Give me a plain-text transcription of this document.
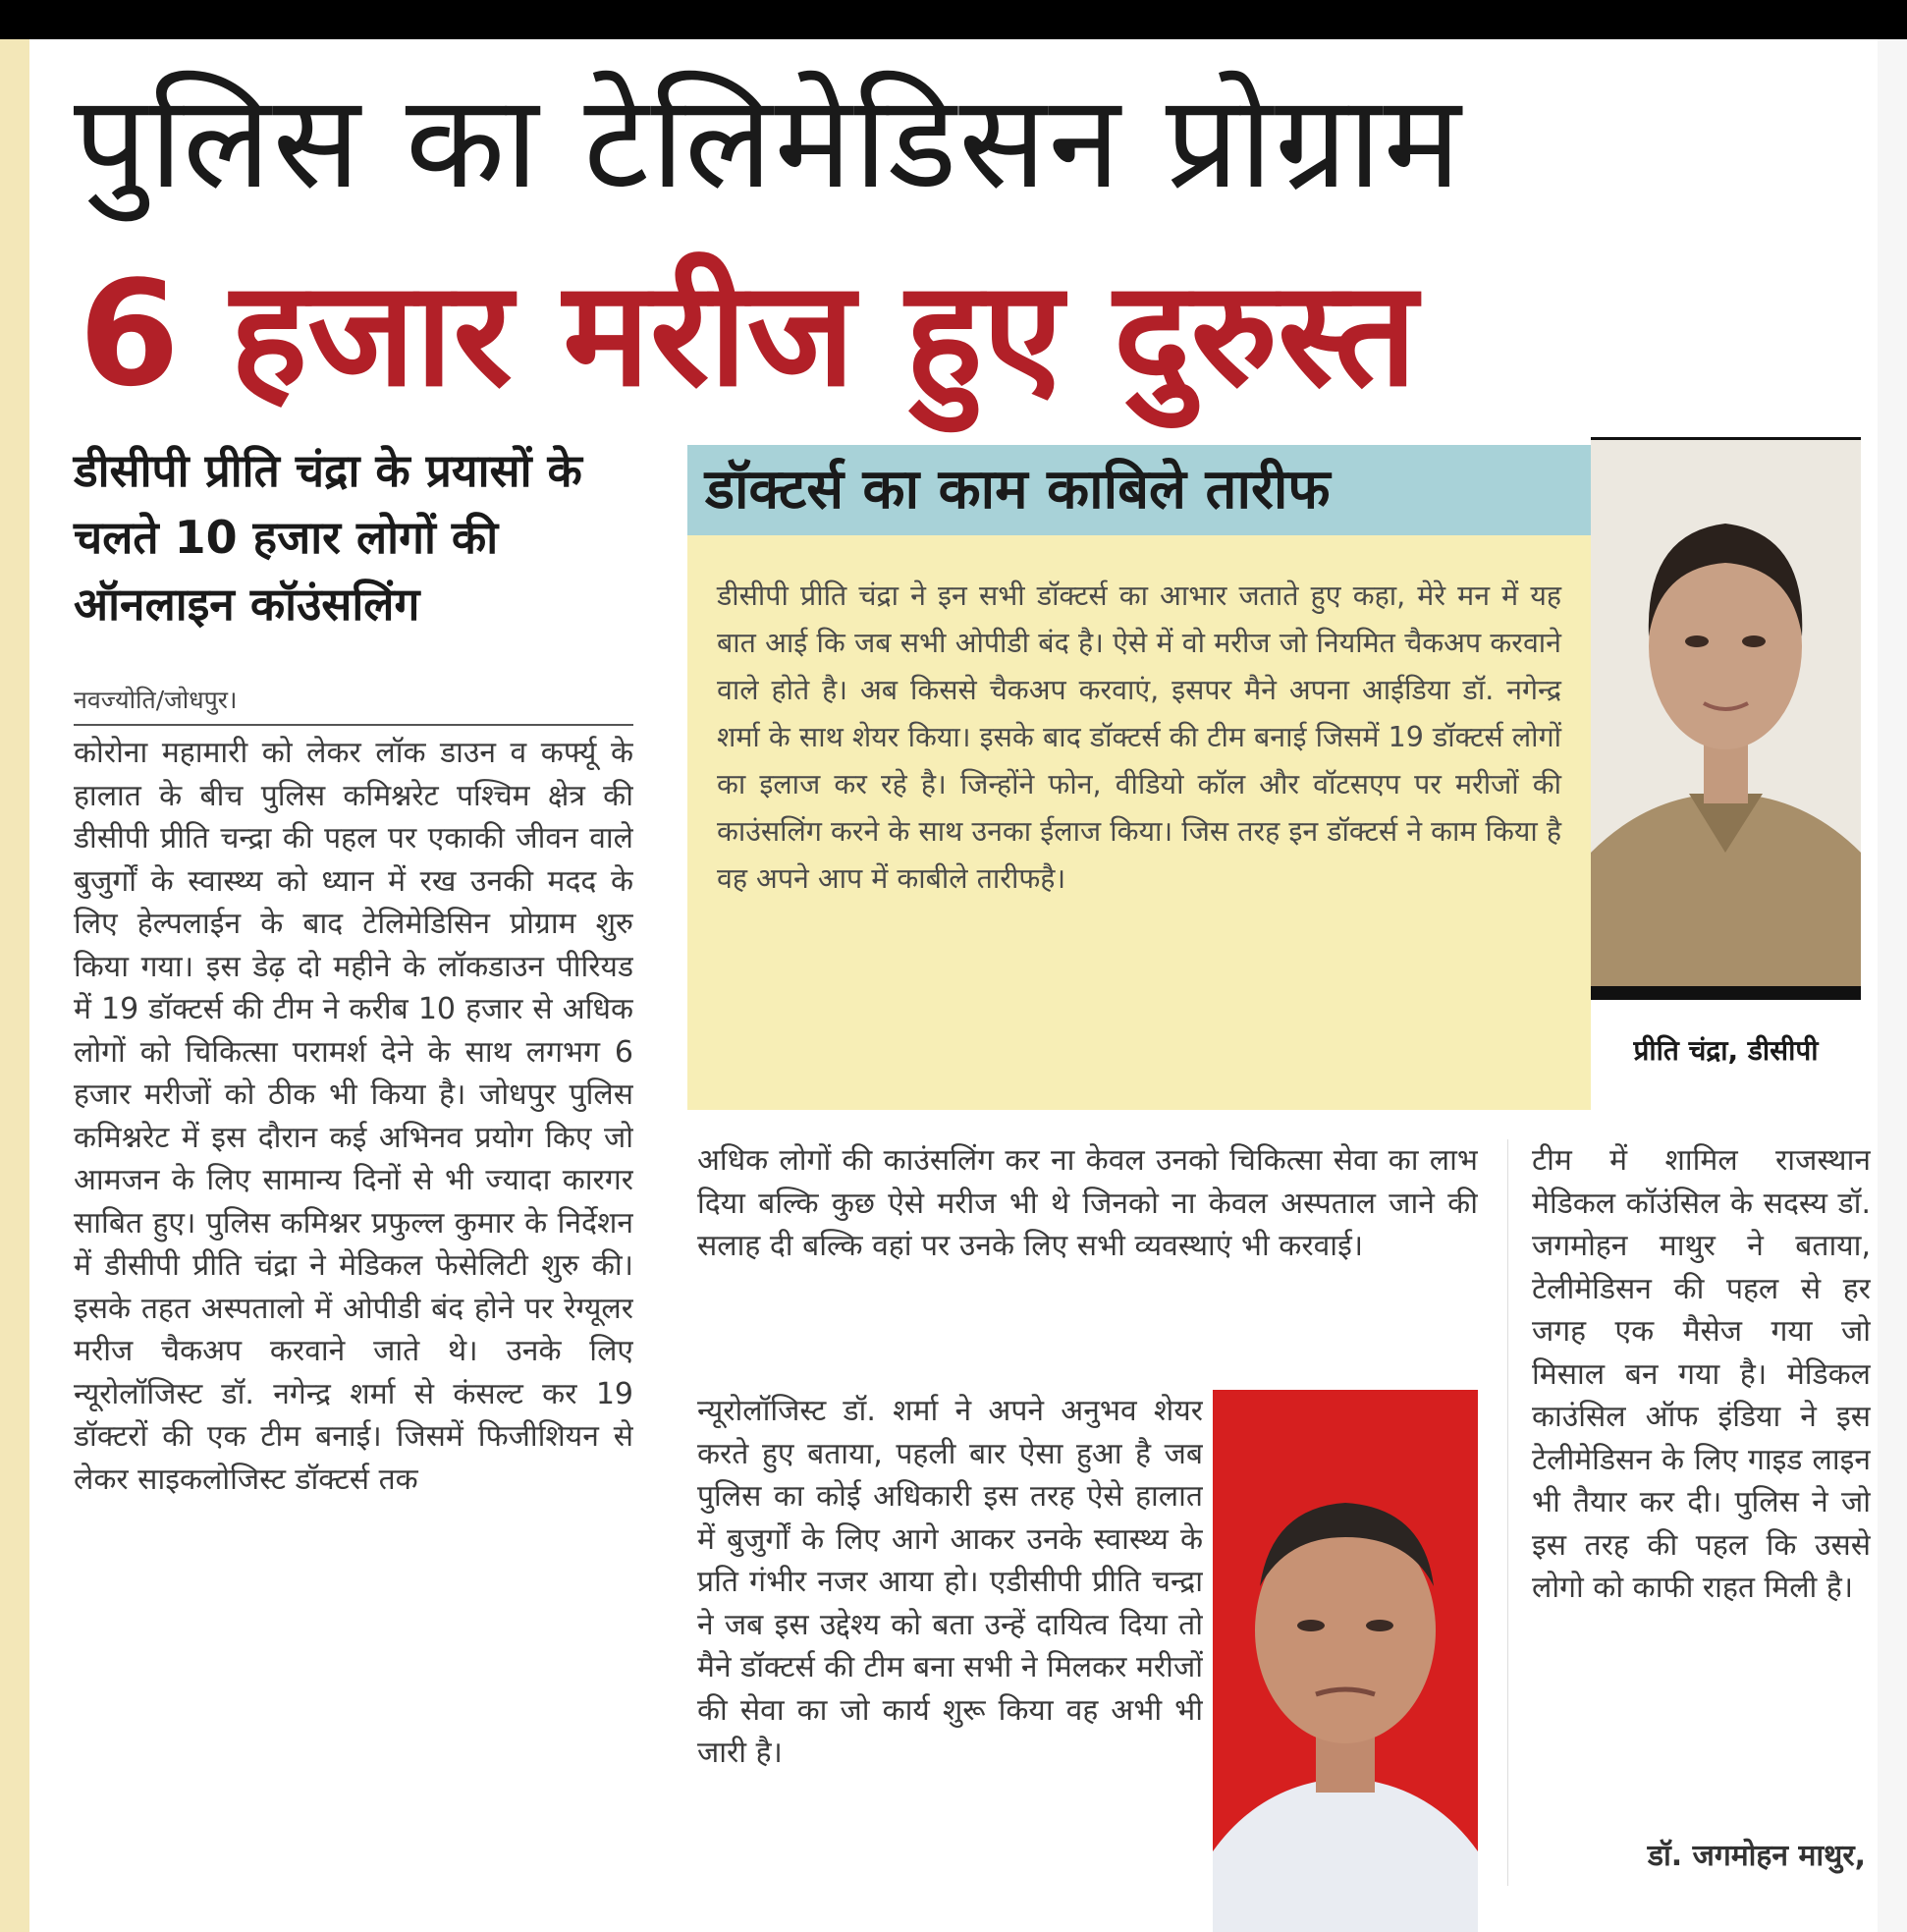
पुलिस का टेलिमेडिसन प्रोग्राम
6 हजार मरीज हुए दुरुस्त
डीसीपी प्रीति चंद्रा के प्रयासों के चलते 10 हजार लोगों की ऑनलाइन कॉउंसलिंग
नवज्योति/जोधपुर।
कोरोना महामारी को लेकर लॉक डाउन व कर्फ्यू के हालात के बीच पुलिस कमिश्नरेट पश्चिम क्षेत्र की डीसीपी प्रीति चन्द्रा की पहल पर एकाकी जीवन वाले बुजुर्गों के स्वास्थ्य को ध्यान में रख उनकी मदद के लिए हेल्पलाईन के बाद टेलिमेडिसिन प्रोग्राम शुरु किया गया। इस डेढ़ दो महीने के लॉकडाउन पीरियड में 19 डॉक्टर्स की टीम ने करीब 10 हजार से अधिक लोगों को चिकित्सा परामर्श देने के साथ लगभग 6 हजार मरीजों को ठीक भी किया है। जोधपुर पुलिस कमिश्नरेट में इस दौरान कई अभिनव प्रयोग किए जो आमजन के लिए सामान्य दिनों से भी ज्यादा कारगर साबित हुए। पुलिस कमिश्नर प्रफुल्ल कुमार के निर्देशन में डीसीपी प्रीति चंद्रा ने मेडिकल फेसेलिटी शुरु की। इसके तहत अस्पतालो में ओपीडी बंद होने पर रेग्यूलर मरीज चैकअप करवाने जाते थे। उनके लिए न्यूरोलॉजिस्ट डॉ. नगेन्द्र शर्मा से कंसल्ट कर 19 डॉक्टरों की एक टीम बनाई। जिसमें फिजीशियन से लेकर साइकलोजिस्ट डॉक्टर्स तक
डॉक्टर्स का काम काबिले तारीफ
डीसीपी प्रीति चंद्रा ने इन सभी डॉक्टर्स का आभार जताते हुए कहा, मेरे मन में यह बात आई कि जब सभी ओपीडी बंद है। ऐसे में वो मरीज जो नियमित चैकअप करवाने वाले होते है। अब किससे चैकअप करवाएं, इसपर मैने अपना आईडिया डॉ. नगेन्द्र शर्मा के साथ शेयर किया। इसके बाद डॉक्टर्स की टीम बनाई जिसमें 19 डॉक्टर्स लोगों का इलाज कर रहे है। जिन्होंने फोन, वीडियो कॉल और वॉटसएप पर मरीजों की काउंसलिंग करने के साथ उनका ईलाज किया। जिस तरह इन डॉक्टर्स ने काम किया है वह अपने आप में काबीले तारीफहै।
प्रीति चंद्रा, डीसीपी
अधिक लोगों की काउंसलिंग कर ना केवल उनको चिकित्सा सेवा का लाभ दिया बल्कि कुछ ऐसे मरीज भी थे जिनको ना केवल अस्पताल जाने की सलाह दी बल्कि वहां पर उनके लिए सभी व्यवस्थाएं भी करवाई।
न्यूरोलॉजिस्ट डॉ. शर्मा ने अपने अनुभव शेयर करते हुए बताया, पहली बार ऐसा हुआ है जब पुलिस का कोई अधिकारी इस तरह ऐसे हालात में बुजुर्गों के लिए आगे आकर उनके स्वास्थ्य के प्रति गंभीर नजर आया हो। एडीसीपी प्रीति चन्द्रा ने जब इस उद्देश्य को बता उन्हें दायित्व दिया तो मैने डॉक्टर्स की टीम बना सभी ने मिलकर मरीजों की सेवा का जो कार्य शुरू किया वह अभी भी जारी है।
टीम में शामिल राजस्थान मेडिकल कॉउंसिल के सदस्य डॉ. जगमोहन माथुर ने बताया, टेलीमेडिसन की पहल से हर जगह एक मैसेज गया जो मिसाल बन गया है। मेडिकल काउंसिल ऑफ इंडिया ने इस टेलीमेडिसन के लिए गाइड लाइन भी तैयार कर दी। पुलिस ने जो इस तरह की पहल कि उससे लोगो को काफी राहत मिली है।
डॉ. जगमोहन माथुर,
